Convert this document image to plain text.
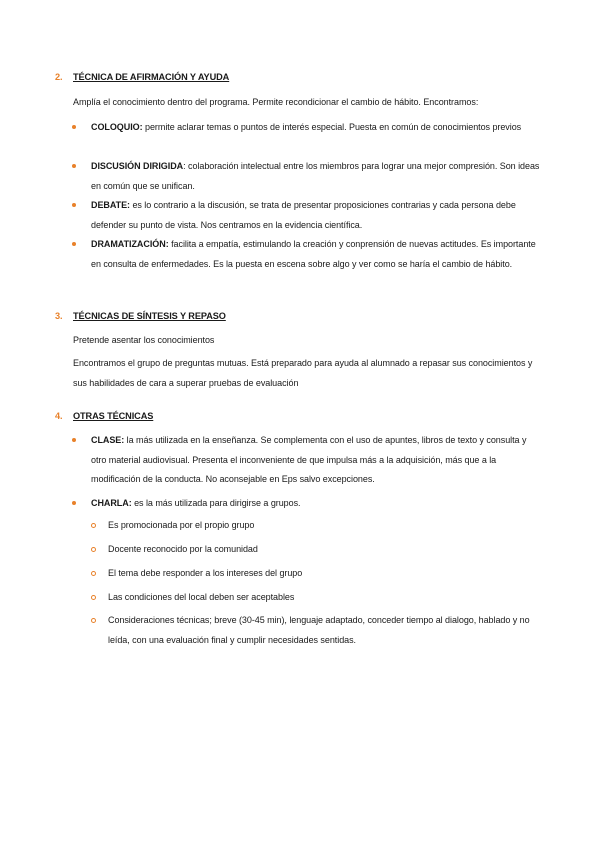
2. TÉCNICA DE AFIRMACIÓN Y AYUDA
Amplía el conocimiento dentro del programa. Permite recondicionar el cambio de hábito. Encontramos:
COLOQUIO: permite aclarar temas o puntos de interés especial. Puesta en común de conocimientos previos
DISCUSIÓN DIRIGIDA: colaboración intelectual entre los miembros para lograr una mejor compresión. Son ideas en común que se unifican.
DEBATE: es lo contrario a la discusión, se trata de presentar proposiciones contrarias y cada persona debe defender su punto de vista. Nos centramos en la evidencia científica.
DRAMATIZACIÓN: facilita a empatía, estimulando la creación y conprensión de nuevas actitudes. Es importante en consulta de enfermedades. Es la puesta en escena sobre algo y ver como se haría el cambio de hábito.
3. TÉCNICAS DE SÍNTESIS Y REPASO
Pretende asentar los conocimientos
Encontramos el grupo de preguntas mutuas. Está preparado para ayuda al alumnado a repasar sus conocimientos y sus habilidades de cara a superar pruebas de evaluación
4. OTRAS TÉCNICAS
CLASE: la más utilizada en la enseñanza. Se complementa con el uso de apuntes, libros de texto y consulta y otro material audiovisual. Presenta el inconveniente de que impulsa más a la adquisición, más que a la modificación de la conducta. No aconsejable en Eps salvo excepciones.
CHARLA: es la más utilizada para dirigirse a grupos.
Es promocionada por el propio grupo
Docente reconocido por la comunidad
El tema debe responder a los intereses del grupo
Las condiciones del local deben ser aceptables
Consideraciones técnicas; breve (30-45 min), lenguaje adaptado, conceder tiempo al dialogo, hablado y no leída, con una evaluación final y cumplir necesidades sentidas.
